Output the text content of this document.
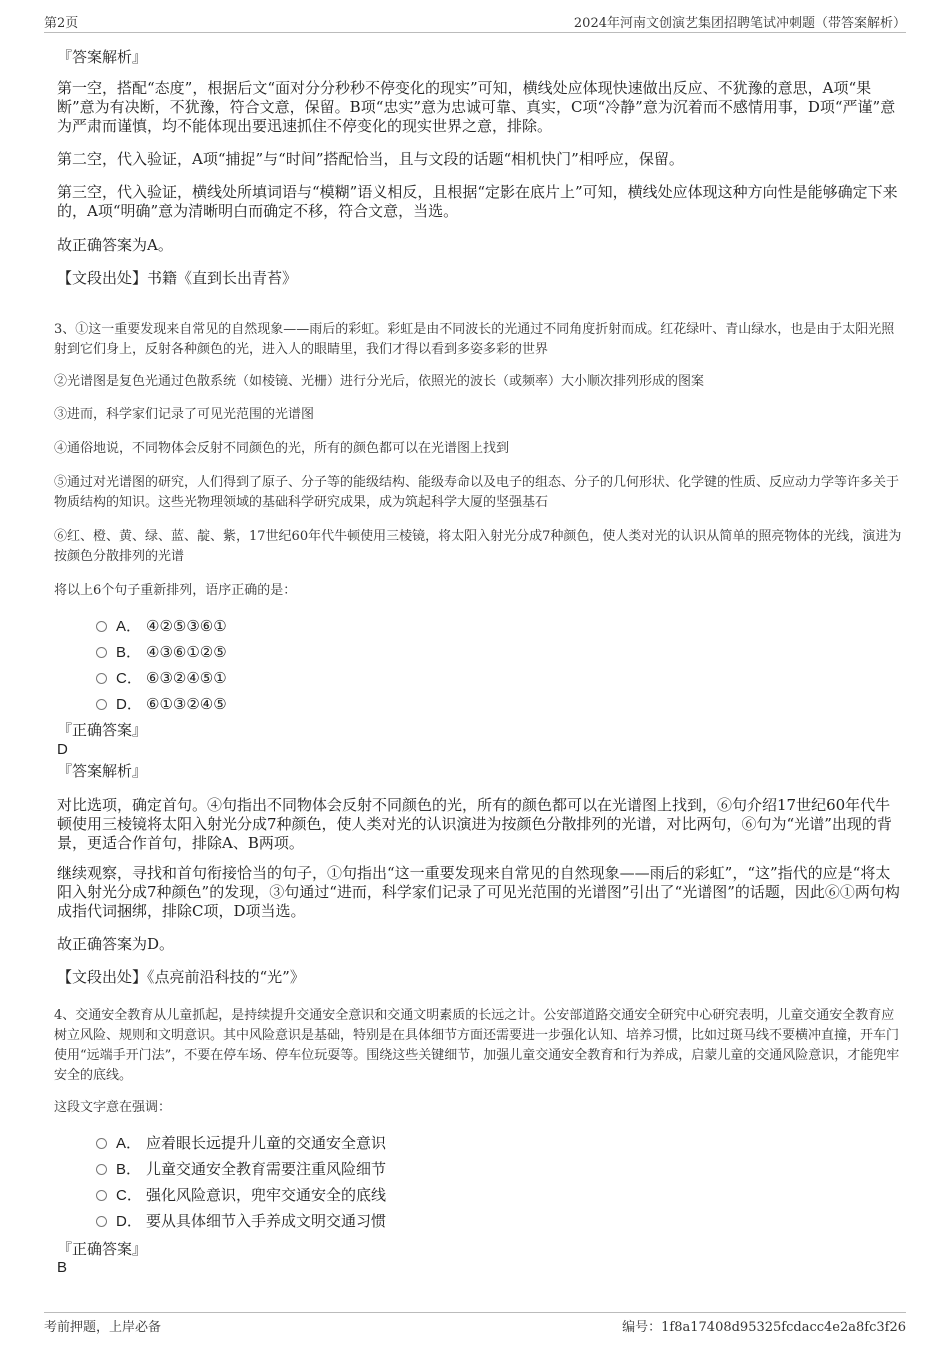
第2页	2024年河南文创演艺集团招聘笔试冲刺题（带答案解析）
『答案解析』
第一空，搭配“态度”，根据后文“面对分分秒秒不停变化的现实”可知，横线处应体现快速做出反应、不犹豫的意思，A项“果断”意为有决断，不犹豫，符合文意，保留。B项“忠实”意为忠诚可靠、真实，C项“冷静”意为沉着而不感情用事，D项“严谨”意为严肃而谨慎，均不能体现出要迅速抓住不停变化的现实世界之意，排除。
第二空，代入验证，A项“捕捉”与“时间”搭配恰当，且与文段的话题“相机快门”相呼应，保留。
第三空，代入验证，横线处所填词语与“模糊”语义相反，且根据“定影在底片上”可知，横线处应体现这种方向性是能够确定下来的，A项“明确”意为清晰明白而确定不移，符合文意，当选。
故正确答案为A。
【文段出处】书籍《直到长出青苔》
3、①这一重要发现来自常见的自然现象——雨后的彩虹。彩虹是由不同波长的光通过不同角度折射而成。红花绿叶、青山绿水，也是由于太阳光照射到它们身上，反射各种颜色的光，进入人的眼睛里，我们才得以看到多姿多彩的世界
②光谱图是复色光通过色散系统（如棱镜、光栅）进行分光后，依照光的波长（或频率）大小顺次排列形成的图案
③进而，科学家们记录了可见光范围的光谱图
④通俗地说，不同物体会反射不同颜色的光，所有的颜色都可以在光谱图上找到
⑤通过对光谱图的研究，人们得到了原子、分子等的能级结构、能级寿命以及电子的组态、分子的几何形状、化学键的性质、反应动力学等许多关于物质结构的知识。这些光物理领域的基础科学研究成果，成为筑起科学大厦的坚强基石
⑥红、橙、黄、绿、蓝、靛、紫，17世纪60年代牛顿使用三棱镜，将太阳入射光分成7种颜色，使人类对光的认识从简单的照亮物体的光线，演进为按颜色分散排列的光谱
将以上6个句子重新排列，语序正确的是：
A． ④②⑤③⑥①
B． ④③⑥①②⑤
C． ⑥③②④⑤①
D． ⑥①③②④⑤
『正确答案』
D
『答案解析』
对比选项，确定首句。④句指出不同物体会反射不同颜色的光，所有的颜色都可以在光谱图上找到，⑥句介绍17世纪60年代牛顿使用三棱镜将太阳入射光分成7种颜色，使人类对光的认识演进为按颜色分散排列的光谱，对比两句，⑥句为“光谱”出现的背景，更适合作首句，排除A、B两项。
继续观察，寻找和首句衔接恰当的句子，①句指出“这一重要发现来自常见的自然现象——雨后的彩虹”，“这”指代的应是“将太阳入射光分成7种颜色”的发现，③句通过“进而，科学家们记录了可见光范围的光谱图”引出了“光谱图”的话题，因此⑥①两句构成指代词捆绑，排除C项，D项当选。
故正确答案为D。
【文段出处】《点亮前沿科技的“光”》
4、交通安全教育从儿童抓起，是持续提升交通安全意识和交通文明素质的长远之计。公安部道路交通安全研究中心研究表明，儿童交通安全教育应树立风险、规则和文明意识。其中风险意识是基础，特别是在具体细节方面还需要进一步强化认知、培养习惯，比如过斑马线不要横冲直撞，开车门使用“远端手开门法”，不要在停车场、停车位玩耍等。围绕这些关键细节，加强儿童交通安全教育和行为养成，启蒙儿童的交通风险意识，才能兜牢安全的底线。
这段文字意在强调：
A． 应着眼长远提升儿童的交通安全意识
B． 儿童交通安全教育需要注重风险细节
C． 强化风险意识，兜牢交通安全的底线
D． 要从具体细节入手养成文明交通习惯
『正确答案』
B
考前押题，上岸必备	编号：1f8a17408d95325fcdacc4e2a8fc3f26
